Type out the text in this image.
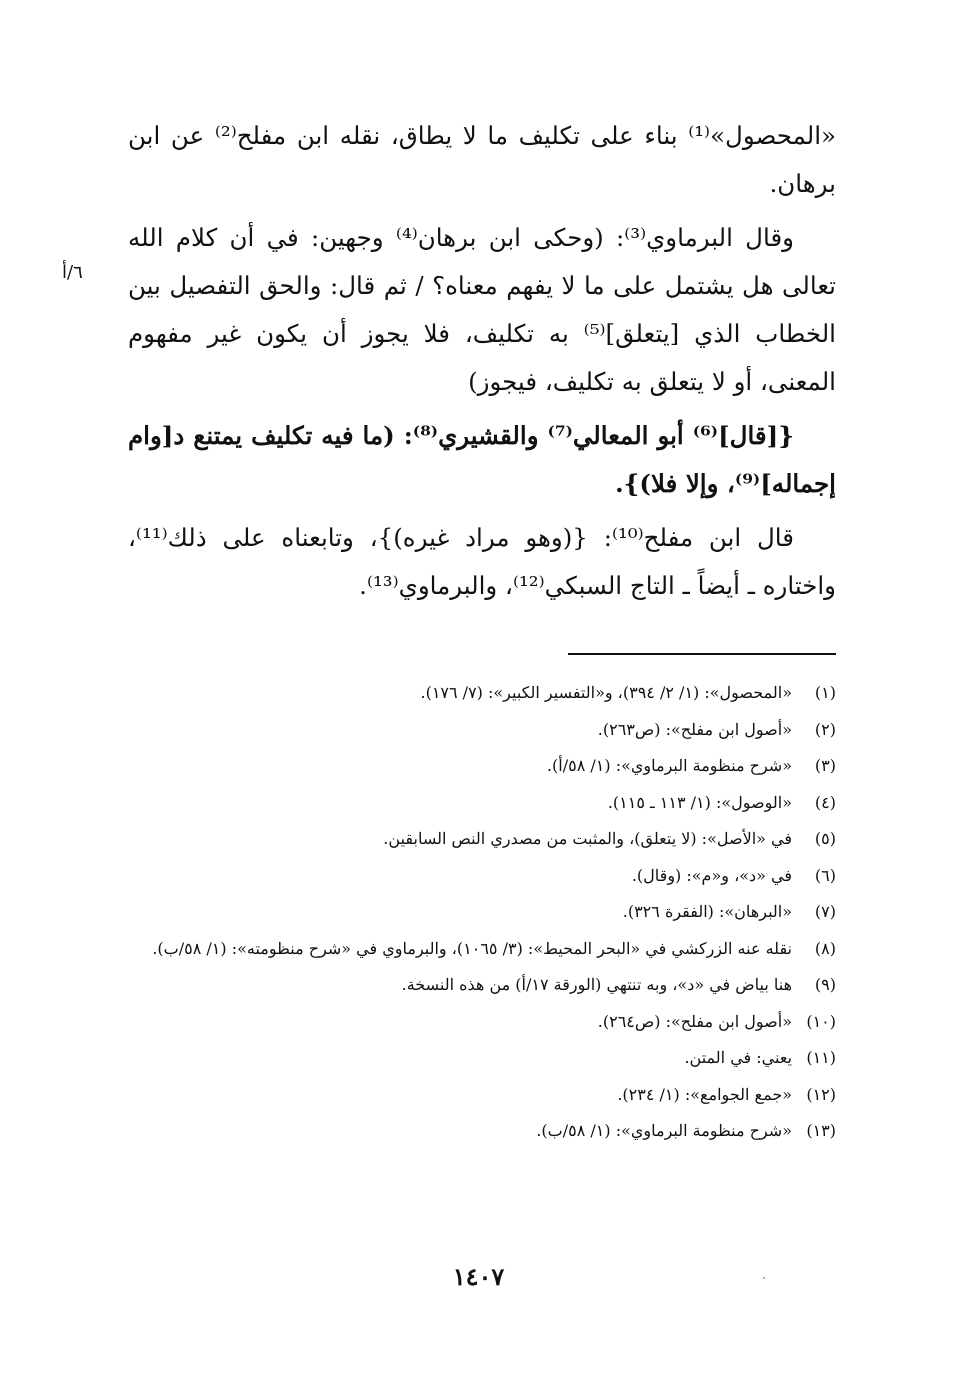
«المحصول»⁽¹⁾ بناء على تكليف ما لا يطاق، نقله ابن مفلح⁽²⁾ عن ابن برهان.

وقال البرماوي⁽³⁾: (وحكى ابن برهان⁽⁴⁾ وجهين: في أن كلام الله تعالى هل يشتمل على ما لا يفهم معناه؟ / ثم قال: والحق التفصيل بين الخطاب الذي [يتعلق]⁽⁵⁾ به تكليف، فلا يجوز أن يكون غير مفهوم المعنى، أو لا يتعلق به تكليف، فيجوز)

{[قال]⁽⁶⁾ أبو المعالي⁽⁷⁾ والقشيري⁽⁸⁾: (ما فيه تكليف يمتنع د[وام إجماله]⁽⁹⁾، وإلا فلا)}.

قال ابن مفلح⁽¹⁰⁾: {(وهو مراد غيره)}، وتابعناه على ذلك⁽¹¹⁾، واختاره ـ أيضاً ـ التاج السبكي⁽¹²⁾، والبرماوي⁽¹³⁾.

٦/أ
(١)
«المحصول»: (١/ ٢/ ٣٩٤)، و«التفسير الكبير»: (٧/ ١٧٦).
(٢)
«أصول ابن مفلح»: (ص٢٦٣).
(٣)
«شرح منظومة البرماوي»: (١/ ٥٨/أ).
(٤)
«الوصول»: (١/ ١١٣ ـ ١١٥).
(٥)
في «الأصل»: (لا يتعلق)، والمثبت من مصدري النص السابقين.
(٦)
في «د»، و«م»: (وقال).
(٧)
«البرهان»: (الفقرة ٣٢٦).
(٨)
نقله عنه الزركشي في «البحر المحيط»: (٣/ ١٠٦٥)، والبرماوي في «شرح منظومته»: (١/ ٥٨/ب).
(٩)
هنا بياض في «د»، وبه تنتهي (الورقة ١٧/أ) من هذه النسخة.
(١٠)
«أصول ابن مفلح»: (ص٢٦٤).
(١١)
يعني: في المتن.
(١٢)
«جمع الجوامع»: (١/ ٢٣٤).
(١٣)
«شرح منظومة البرماوي»: (١/ ٥٨/ب).
١٤٠٧
